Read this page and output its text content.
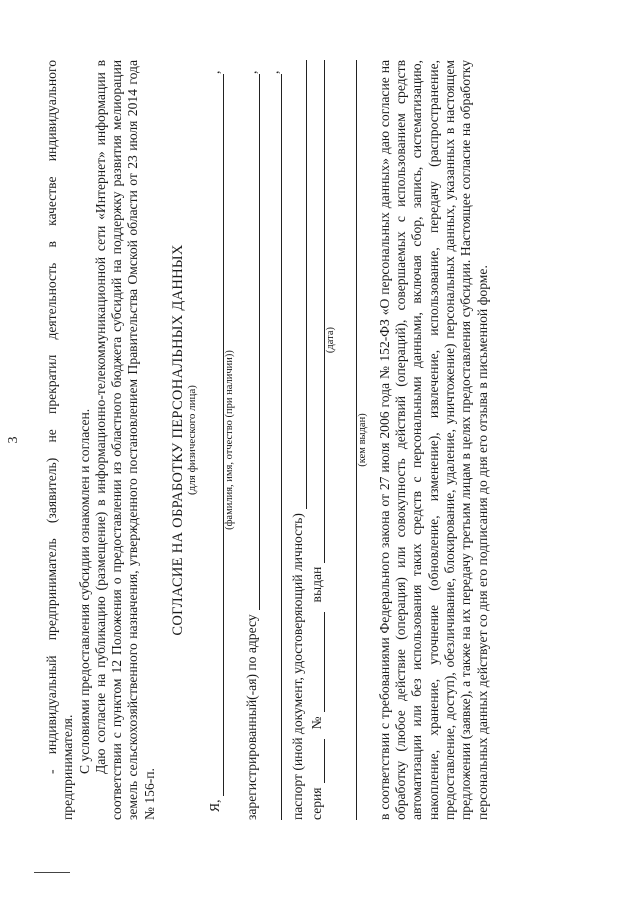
3 - индивидуальный предприниматель (заявитель) не прекратил деятельность в качестве индивидуального предпринимателя. С условиями предоставления субсидии ознакомлен и согласен. Даю согласие на публикацию (размещение) в информационно-телекоммуникационной сети «Интернет» информации в соответствии с пунктом 12 Положения о предоставлении из областного бюджета субсидий на поддержку развития мелиорации земель сельскохозяйственного назначения, утвержденного постановлением Правительства Омской области от 23 июля 2014 года № 156-п.

СОГЛАСИЕ НА ОБРАБОТКУ ПЕРСОНАЛЬНЫХ ДАННЫХ (для физического лица)
Я,
,
(фамилия, имя, отчество (при наличии))
зарегистрированный(-ая) по адресу
, ,
паспорт (иной документ, удостоверяющий личность) серия
№
выдан
(дата)
(кем выдан) в соответствии с требованиями Федерального закона от 27 июля 2006 года № 152-ФЗ «О персональных данных» даю согласие на обработку (любое действие (операция) или совокупность действий (операций), совершаемых с использованием средств автоматизации или без использования таких средств с персональными данными, включая сбор, запись, систематизацию, накопление, хранение, уточнение (обновление, изменение), извлечение, использование, передачу (распространение, предоставление, доступ), обезличивание, блокирование, удаление, уничтожение) персональных данных, указанных в настоящем предложении (заявке), а также на их передачу третьим лицам в целях предоставления субсидии. Настоящее согласие на обработку персональных данных действует со дня его подписания до дня его отзыва в письменной форме.
